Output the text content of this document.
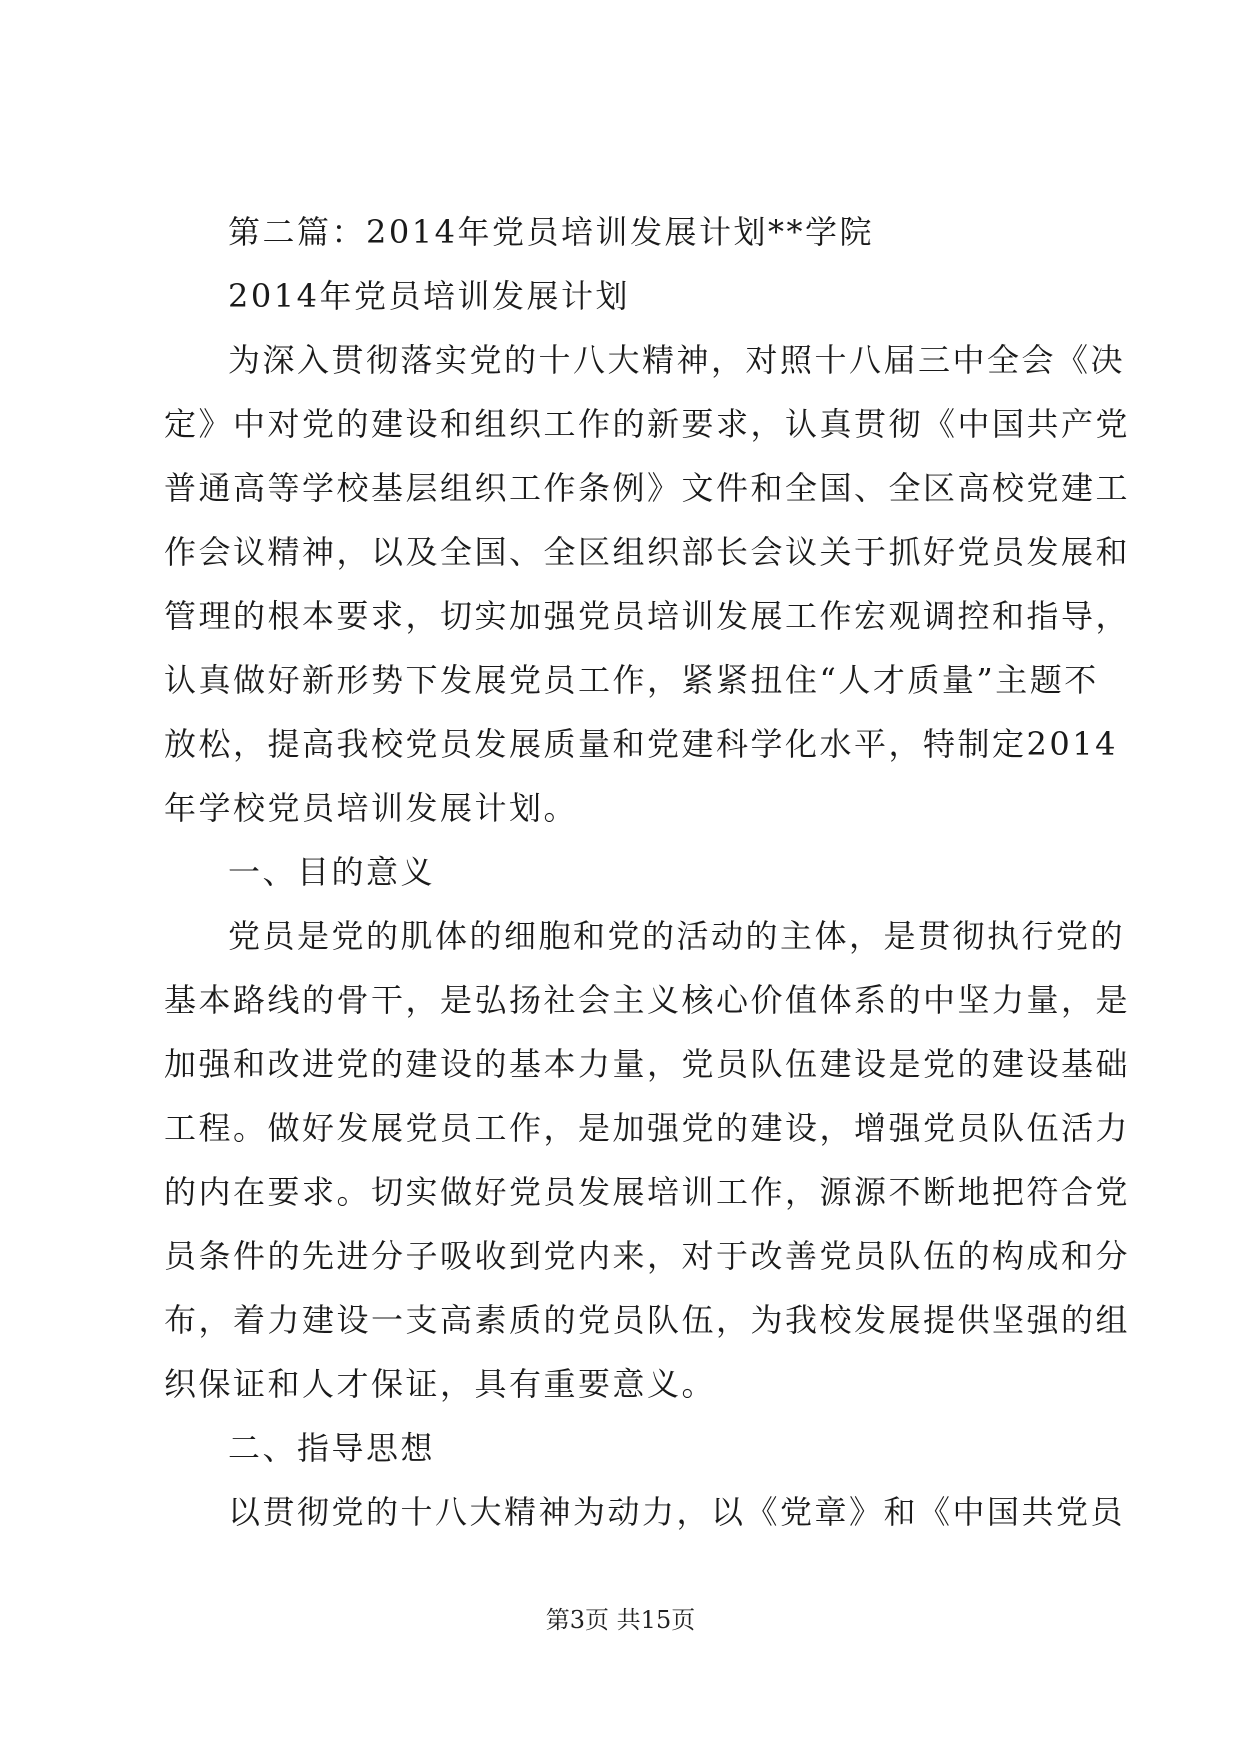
第二篇：2014年党员培训发展计划**学院
2014年党员培训发展计划
为深入贯彻落实党的十八大精神，对照十八届三中全会《决
定》中对党的建设和组织工作的新要求，认真贯彻《中国共产党
普通高等学校基层组织工作条例》文件和全国、全区高校党建工
作会议精神，以及全国、全区组织部长会议关于抓好党员发展和
管理的根本要求，切实加强党员培训发展工作宏观调控和指导，
认真做好新形势下发展党员工作，紧紧扭住“人才质量”主题不
放松，提高我校党员发展质量和党建科学化水平，特制定2014
年学校党员培训发展计划。
一、目的意义
党员是党的肌体的细胞和党的活动的主体，是贯彻执行党的
基本路线的骨干，是弘扬社会主义核心价值体系的中坚力量，是
加强和改进党的建设的基本力量，党员队伍建设是党的建设基础
工程。做好发展党员工作，是加强党的建设，增强党员队伍活力
的内在要求。切实做好党员发展培训工作，源源不断地把符合党
员条件的先进分子吸收到党内来，对于改善党员队伍的构成和分
布，着力建设一支高素质的党员队伍，为我校发展提供坚强的组
织保证和人才保证，具有重要意义。
二、指导思想
以贯彻党的十八大精神为动力，以《党章》和《中国共党员
第3页 共15页
